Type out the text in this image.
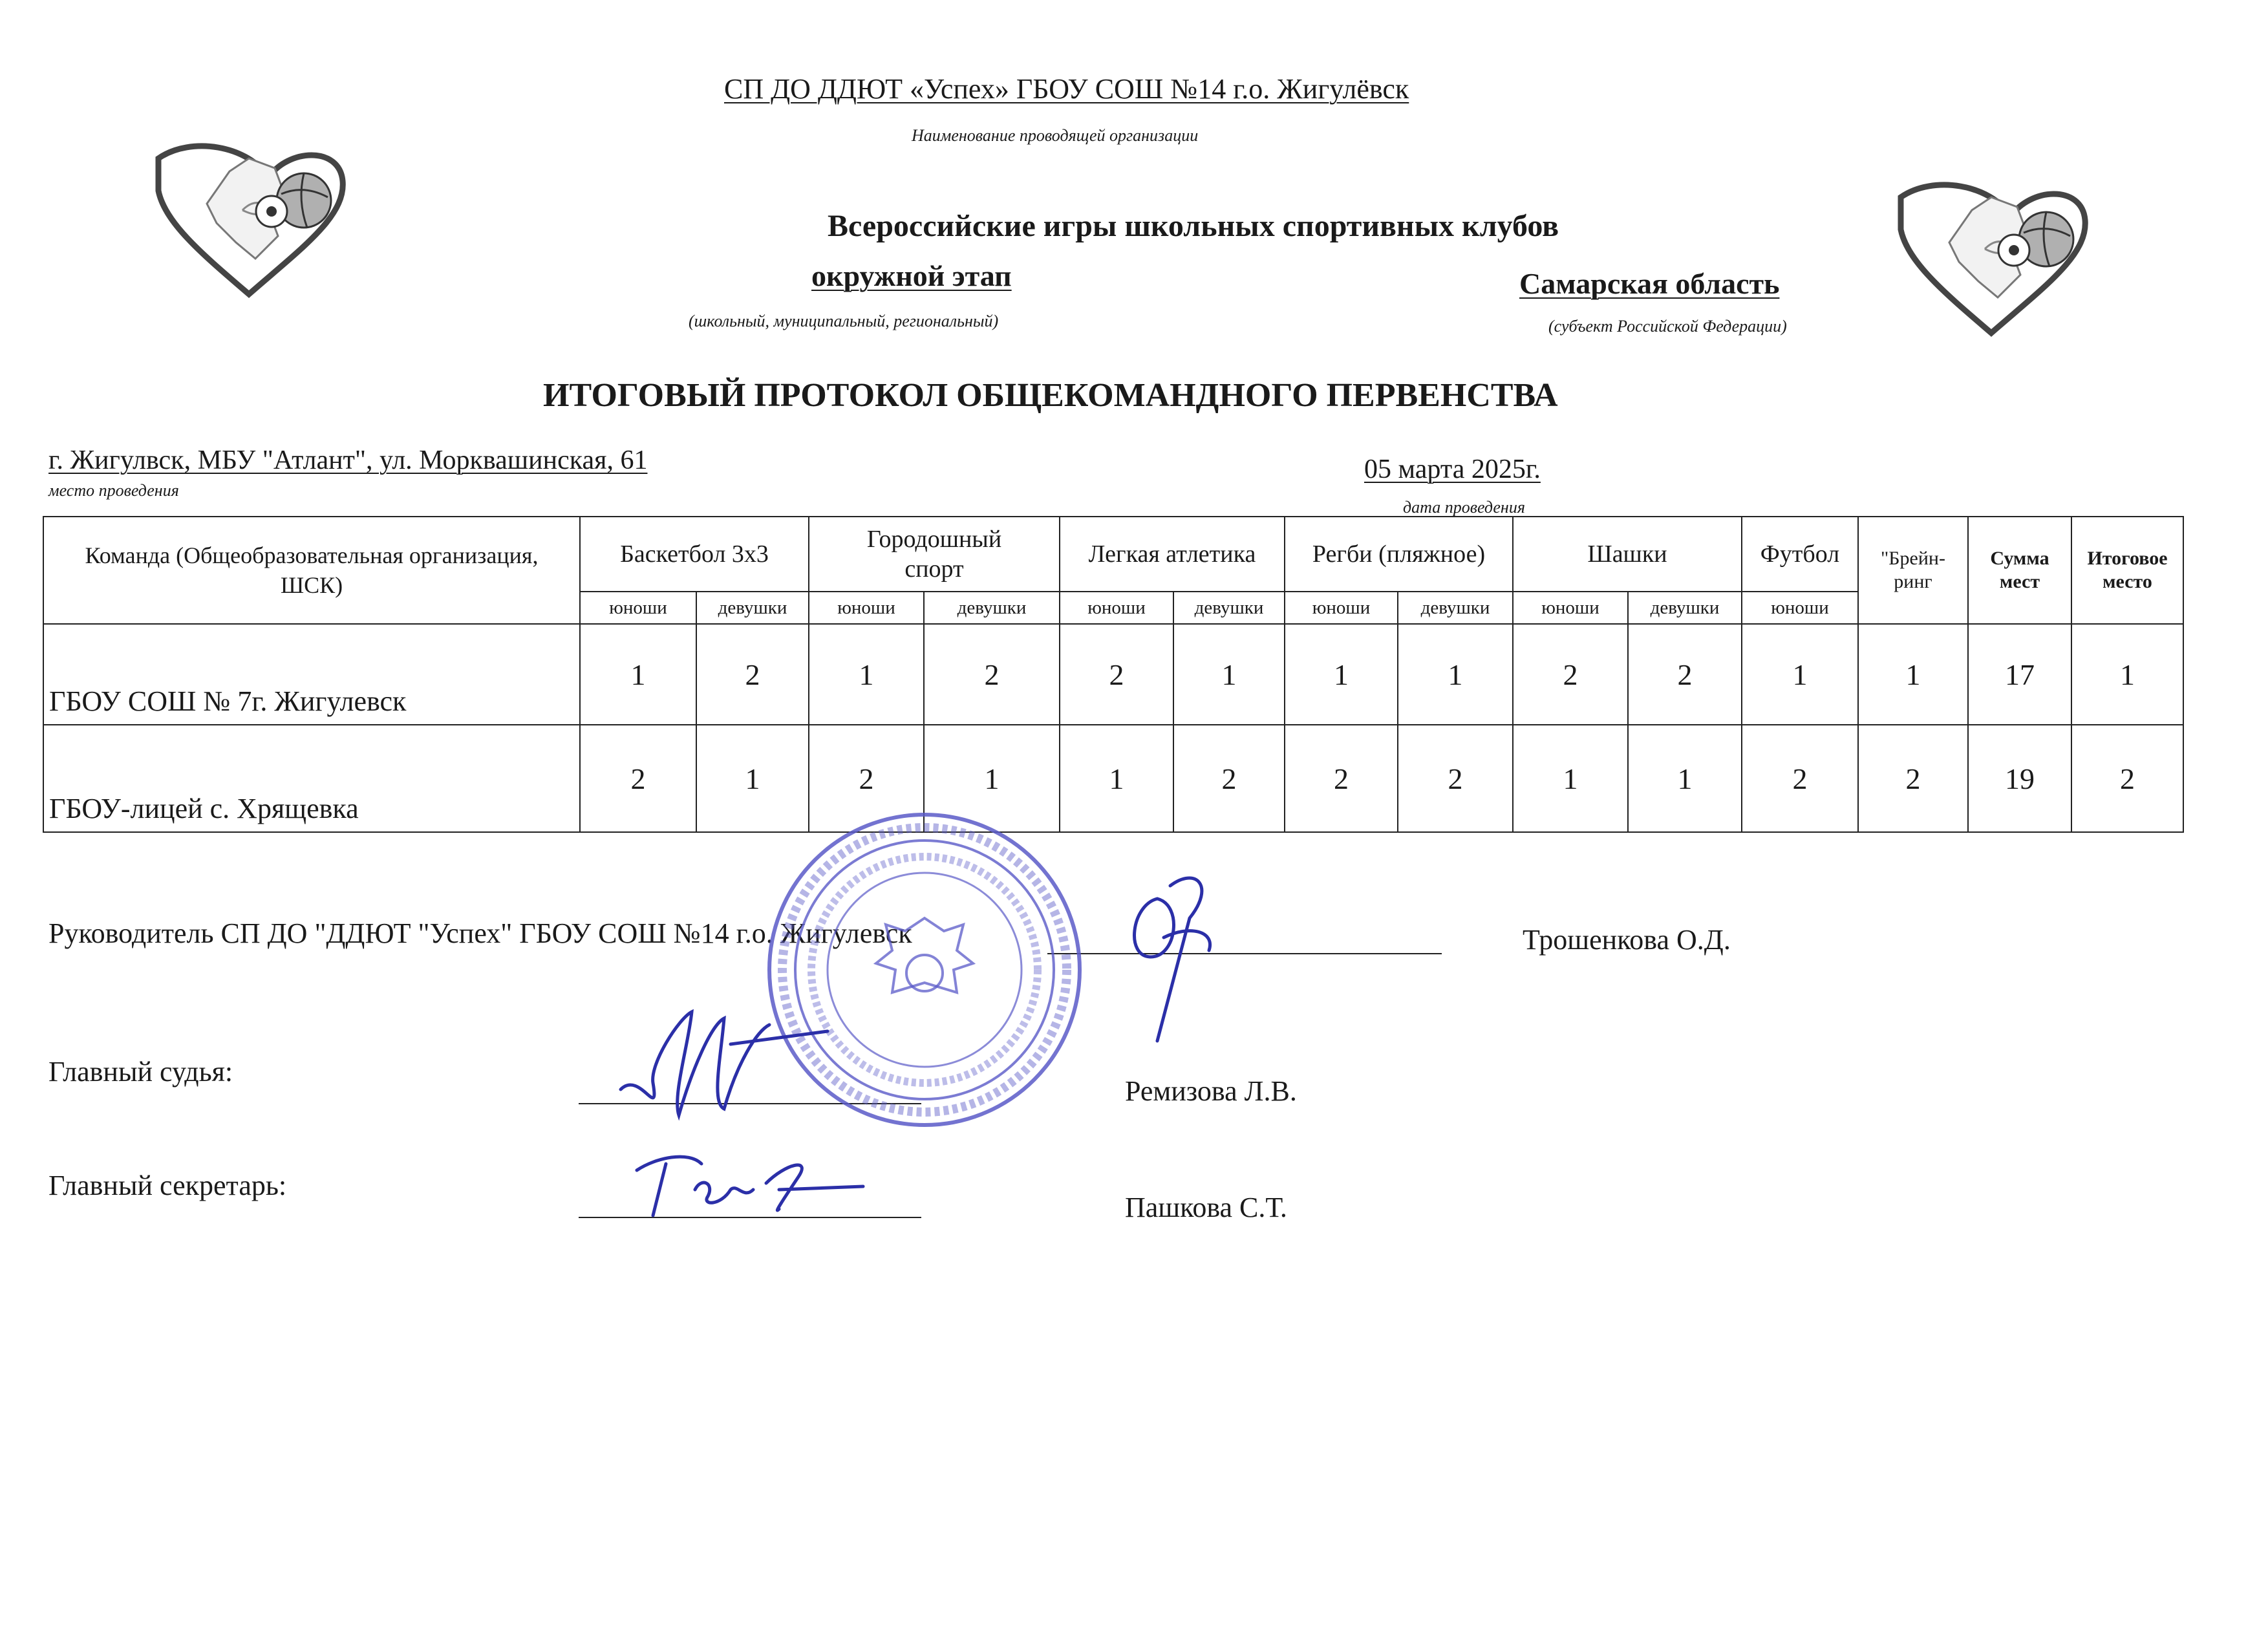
СП ДО ДДЮТ «Успех» ГБОУ СОШ №14 г.о. Жигулёвск
Наименование проводящей организации
Всероссийские игры школьных спортивных клубов
окружной этап
(школьный, муниципальный, региональный)
Самарская область
(субъект Российской Федерации)
ИТОГОВЫЙ ПРОТОКОЛ ОБЩЕКОМАНДНОГО ПЕРВЕНСТВА
г. Жигулвск, МБУ "Атлант", ул. Морквашинская, 61
место проведения
05 марта 2025г.
дата проведения
Команда (Общеобразовательная организация, ШСК)	Баскетбол 3х3		Городошный спорт		Легкая атлетика		Регби (пляжное)		Шашки		Футбол	"Брейн-ринг	Сумма мест	Итоговое место
	юноши	девушки	юноши	девушки	юноши	девушки	юноши	девушки	юноши	девушки	юноши			

ГБОУ СОШ № 7г. Жигулевск	1	2	1	2	2	1	1	1	2	2	1	1	17	1
ГБОУ-лицей с. Хрящевка	2	1	2	1	1	2	2	2	1	1	2	2	19	2
Руководитель СП ДО "ДДЮТ "Успех" ГБОУ СОШ №14 г.о. Жигулевск	Трошенкова О.Д.
Главный судья:
Ремизова Л.В.
Главный секретарь:
Пашкова С.Т.
